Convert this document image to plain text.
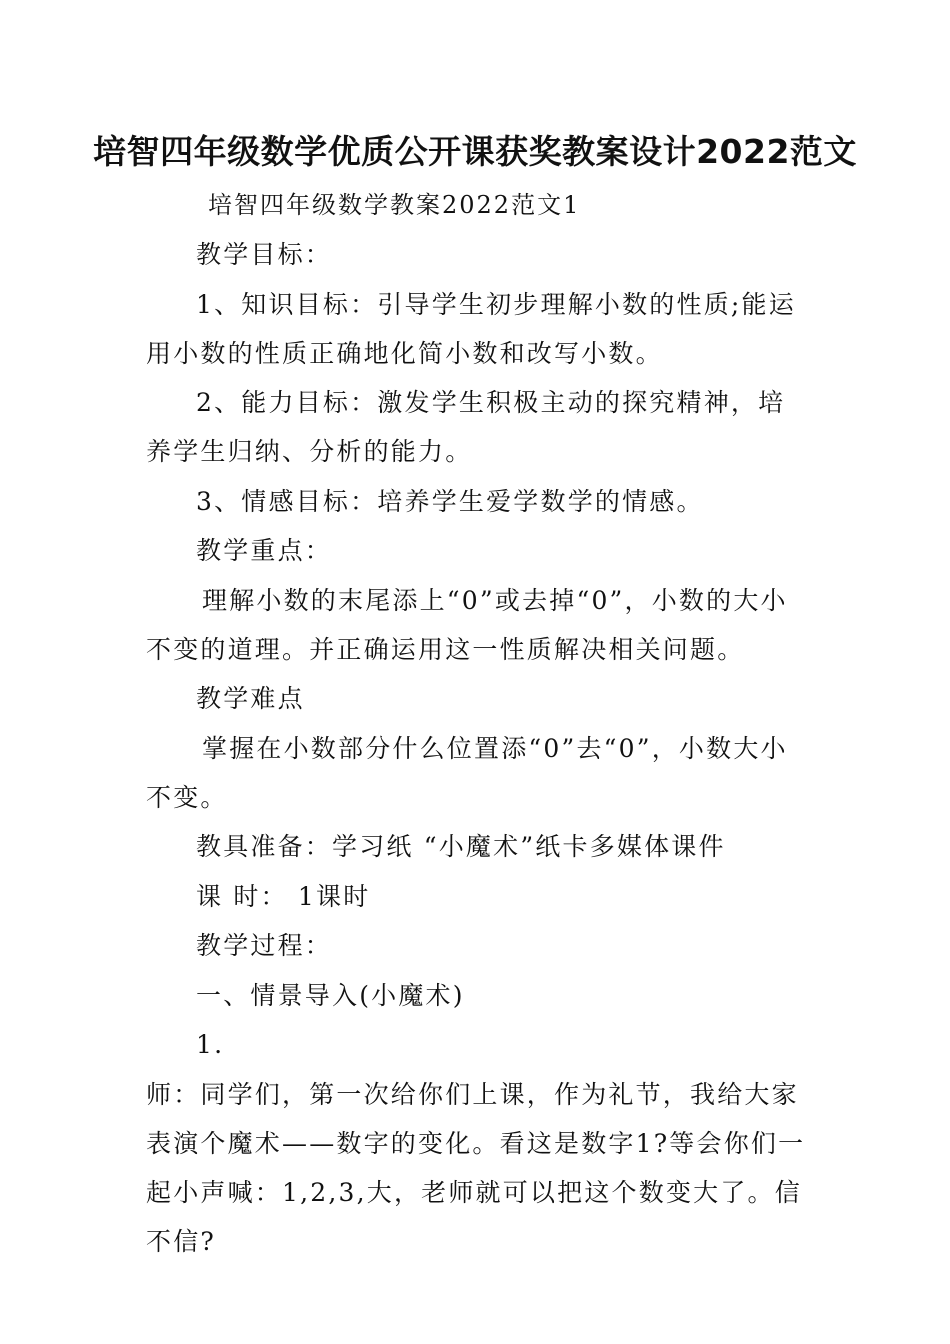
培智四年级数学优质公开课获奖教案设计2022范文
培智四年级数学教案2022范文1

教学目标：

1、知识目标：引导学生初步理解小数的性质;能运用小数的性质正确地化简小数和改写小数。

2、能力目标：激发学生积极主动的探究精神，培养学生归纳、分析的能力。

3、情感目标：培养学生爱学数学的情感。

教学重点：

理解小数的末尾添上“0”或去掉“0”，小数的大小不变的道理。并正确运用这一性质解决相关问题。

教学难点

掌握在小数部分什么位置添“0”去“0”，小数大小不变。

教具准备：学习纸 “小魔术”纸卡多媒体课件

课 时： 1课时

教学过程：

一、情景导入(小魔术)

1.

师：同学们，第一次给你们上课，作为礼节，我给大家表演个魔术——数字的变化。看这是数字1?等会你们一起小声喊：1,2,3,大，老师就可以把这个数变大了。信不信?
